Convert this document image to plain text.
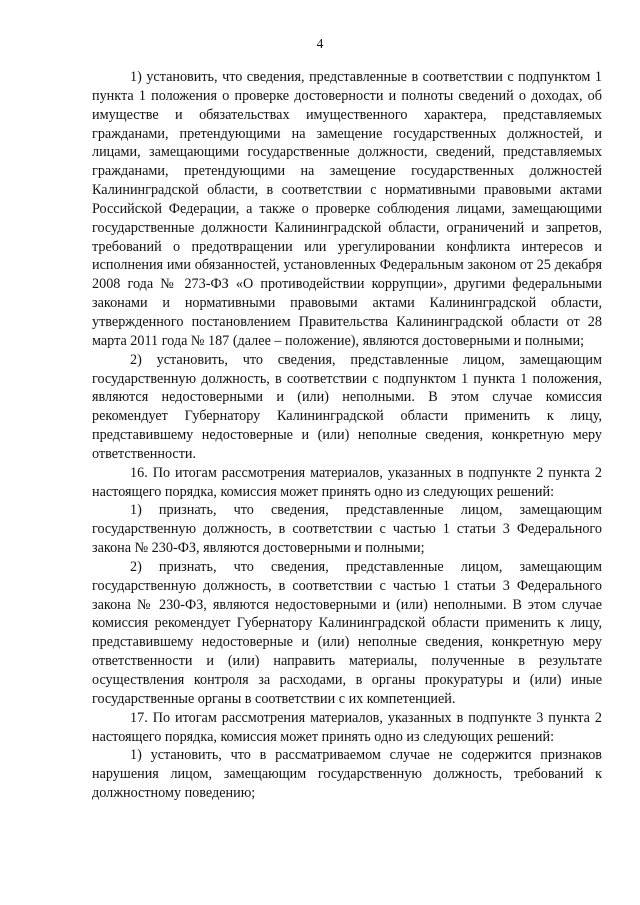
4

1) установить, что сведения, представленные в соответствии с подпунктом 1 пункта 1 положения о проверке достоверности и полноты сведений о доходах, об имуществе и обязательствах имущественного характера, представляемых гражданами, претендующими на замещение государственных должностей, и лицами, замещающими государственные должности, сведений, представляемых гражданами, претендующими на замещение государственных должностей Калининградской области, в соответствии с нормативными правовыми актами Российской Федерации, а также о проверке соблюдения лицами, замещающими государственные должности Калининградской области, ограничений и запретов, требований о предотвращении или урегулировании конфликта интересов и исполнения ими обязанностей, установленных Федеральным законом от 25 декабря 2008 года № 273-ФЗ «О противодействии коррупции», другими федеральными законами и нормативными правовыми актами Калининградской области, утвержденного постановлением Правительства Калининградской области от 28 марта 2011 года № 187 (далее – положение), являются достоверными и полными;

2) установить, что сведения, представленные лицом, замещающим государственную должность, в соответствии с подпунктом 1 пункта 1 положения, являются недостоверными и (или) неполными. В этом случае комиссия рекомендует Губернатору Калининградской области применить к лицу, представившему недостоверные и (или) неполные сведения, конкретную меру ответственности.

16. По итогам рассмотрения материалов, указанных в подпункте 2 пункта 2 настоящего порядка, комиссия может принять одно из следующих решений:

1) признать, что сведения, представленные лицом, замещающим государственную должность, в соответствии с частью 1 статьи 3 Федерального закона № 230-ФЗ, являются достоверными и полными;

2) признать, что сведения, представленные лицом, замещающим государственную должность, в соответствии с частью 1 статьи 3 Федерального закона № 230-ФЗ, являются недостоверными и (или) неполными. В этом случае комиссия рекомендует Губернатору Калининградской области применить к лицу, представившему недостоверные и (или) неполные сведения, конкретную меру ответственности и (или) направить материалы, полученные в результате осуществления контроля за расходами, в органы прокуратуры и (или) иные государственные органы в соответствии с их компетенцией.

17. По итогам рассмотрения материалов, указанных в подпункте 3 пункта 2 настоящего порядка, комиссия может принять одно из следующих решений:

1) установить, что в рассматриваемом случае не содержится признаков нарушения лицом, замещающим государственную должность, требований к должностному поведению;
